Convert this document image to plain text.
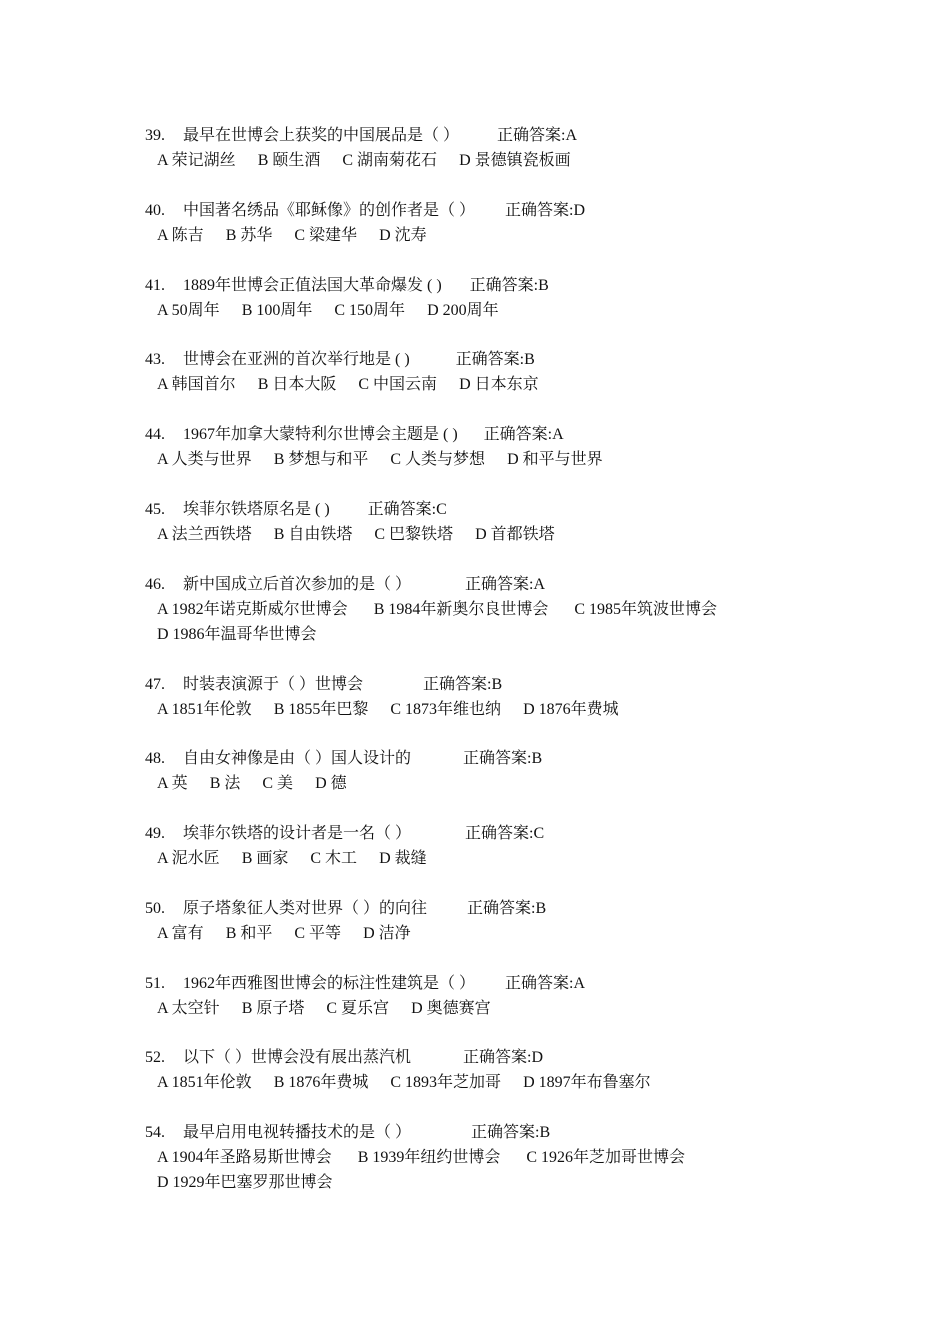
39. 最早在世博会上获奖的中国展品是（ ） 正确答案:A
A 荣记湖丝 B 颐生酒 C 湖南菊花石 D 景德镇瓷板画
40. 中国著名绣品《耶稣像》的创作者是（ ） 正确答案:D
A 陈吉 B 苏华 C 梁建华 D 沈寿
41. 1889年世博会正值法国大革命爆发 ( ) 正确答案:B
A 50周年 B 100周年 C 150周年 D 200周年
43. 世博会在亚洲的首次举行地是 ( )	正确答案:B
A 韩国首尔 B 日本大阪 C 中国云南 D 日本东京
44. 1967年加拿大蒙特利尔世博会主题是 ( ) 正确答案:A
A 人类与世界 B 梦想与和平 C 人类与梦想 D 和平与世界
45. 埃菲尔铁塔原名是 ( ) 正确答案:C
A 法兰西铁塔 B 自由铁塔 C 巴黎铁塔 D 首都铁塔
46. 新中国成立后首次参加的是（ ）	正确答案:A
A 1982年诺克斯威尔世博会 B 1984年新奥尔良世博会 C 1985年筑波世博会 D 1986年温哥华世博会
47. 时装表演源于（ ）世博会	正确答案:B
A 1851年伦敦 B 1855年巴黎 C 1873年维也纳 D 1876年费城
48. 自由女神像是由（ ）国人设计的	正确答案:B
A 英 B 法 C 美 D 德
49. 埃菲尔铁塔的设计者是一名（ ）	正确答案:C
A 泥水匠 B 画家 C 木工 D 裁缝
50. 原子塔象征人类对世界（ ）的向往	正确答案:B
A 富有 B 和平 C 平等 D 洁净
51. 1962年西雅图世博会的标注性建筑是（ ） 正确答案:A
A 太空针 B 原子塔 C 夏乐宫 D 奥德赛宫
52. 以下（ ）世博会没有展出蒸汽机	正确答案:D
A 1851年伦敦 B 1876年费城 C 1893年芝加哥 D 1897年布鲁塞尔
54. 最早启用电视转播技术的是（ ）	正确答案:B
A 1904年圣路易斯世博会 B 1939年纽约世博会 C 1926年芝加哥世博会 D 1929年巴塞罗那世博会
